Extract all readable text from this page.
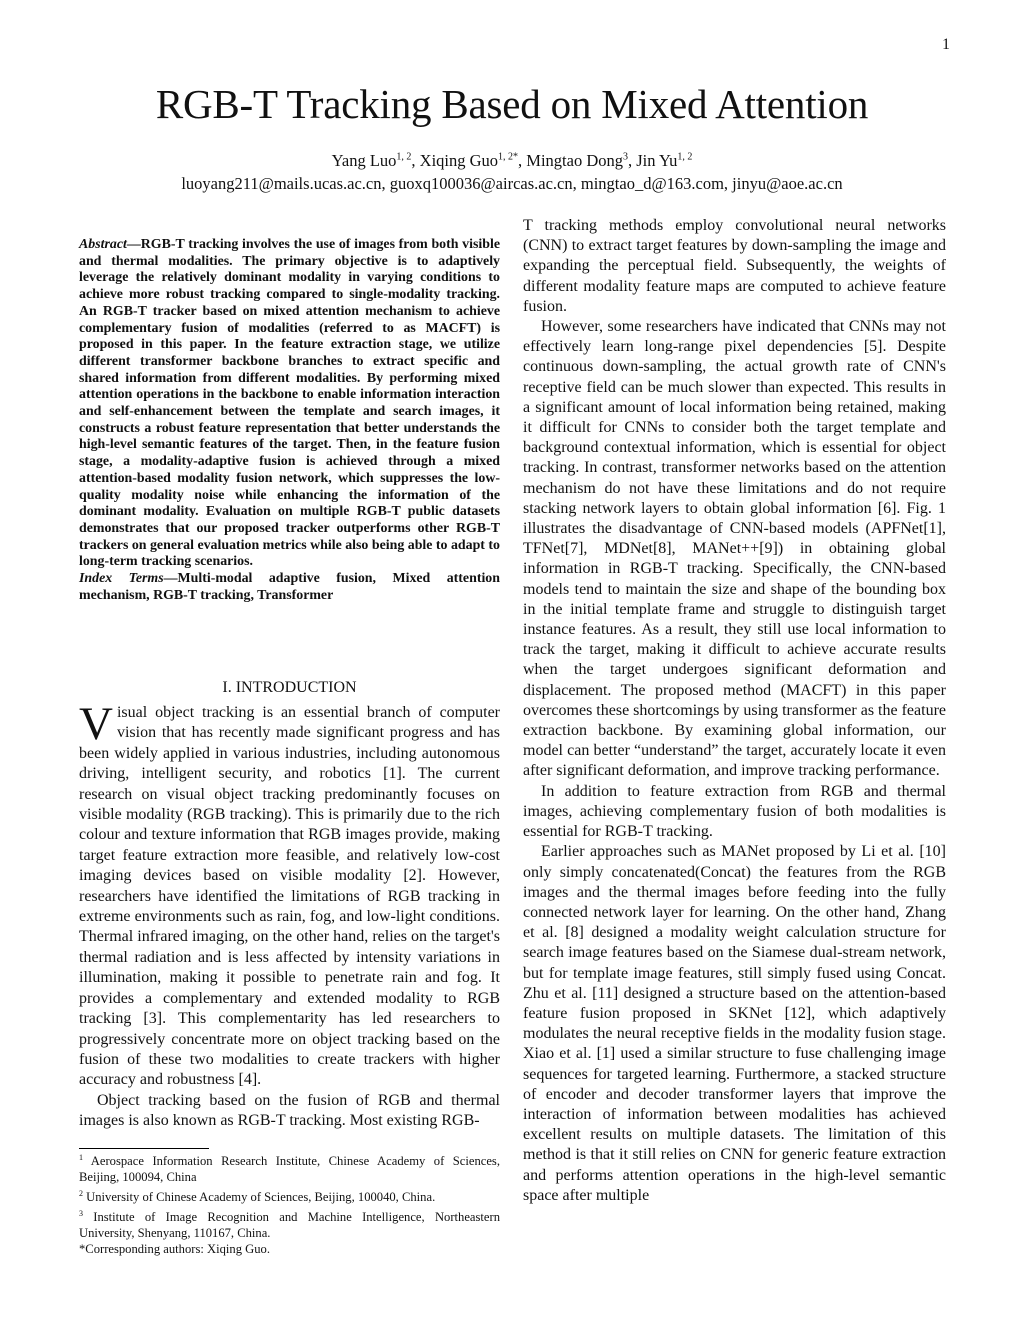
1
RGB-T Tracking Based on Mixed Attention
Yang Luo$^{1, 2}$, Xiqing Guo$^{1, 2*}$, Mingtao Dong$^3$, Jin Yu$^{1, 2}$
luoyang211@mails.ucas.ac.cn, guoxq100036@aircas.ac.cn, mingtao_d@163.com, jinyu@aoe.ac.cn

Abstract—RGB-T tracking involves the use of images from both visible and thermal modalities. The primary objective is to adaptively leverage the relatively dominant modality in varying conditions to achieve more robust tracking compared to single-modality tracking. An RGB-T tracker based on mixed attention mechanism to achieve complementary fusion of modalities (referred to as MACFT) is proposed in this paper. In the feature extraction stage, we utilize different transformer backbone branches to extract specific and shared information from different modalities. By performing mixed attention operations in the backbone to enable information interaction and self-enhancement between the template and search images, it constructs a robust feature representation that better understands the high-level semantic features of the target. Then, in the feature fusion stage, a modality-adaptive fusion is achieved through a mixed attention-based modality fusion network, which suppresses the low-quality modality noise while enhancing the information of the dominant modality. Evaluation on multiple RGB-T public datasets demonstrates that our proposed tracker outperforms other RGB-T trackers on general evaluation metrics while also being able to adapt to long-term tracking scenarios.

Index Terms—Multi-modal adaptive fusion, Mixed attention mechanism, RGB-T tracking, Transformer

I. INTRODUCTION

Visual object tracking is an essential branch of computer vision that has recently made significant progress and has been widely applied in various industries, including autonomous driving, intelligent security, and robotics [1]. The current research on visual object tracking predominantly focuses on visible modality (RGB tracking). This is primarily due to the rich colour and texture information that RGB images provide, making target feature extraction more feasible, and relatively low-cost imaging devices based on visible modality [2]. However, researchers have identified the limitations of RGB tracking in extreme environments such as rain, fog, and low-light conditions. Thermal infrared imaging, on the other hand, relies on the target's thermal radiation and is less affected by intensity variations in illumination, making it possible to penetrate rain and fog. It provides a complementary and extended modality to RGB tracking [3]. This complementarity has led researchers to progressively concentrate more on object tracking based on the fusion of these two modalities to create trackers with higher accuracy and robustness [4].

Object tracking based on the fusion of RGB and thermal images is also known as RGB-T tracking. Most existing RGB-

$^1$ Aerospace Information Research Institute, Chinese Academy of Sciences, Beijing, 100094, China

$^2$ University of Chinese Academy of Sciences, Beijing, 100040, China.

$^3$ Institute of Image Recognition and Machine Intelligence, Northeastern University, Shenyang, 110167, China.

*Corresponding authors: Xiqing Guo.

T tracking methods employ convolutional neural networks (CNN) to extract target features by down-sampling the image and expanding the perceptual field. Subsequently, the weights of different modality feature maps are computed to achieve feature fusion.

However, some researchers have indicated that CNNs may not effectively learn long-range pixel dependencies [5]. Despite continuous down-sampling, the actual growth rate of CNN's receptive field can be much slower than expected. This results in a significant amount of local information being retained, making it difficult for CNNs to consider both the target template and background contextual information, which is essential for object tracking. In contrast, transformer networks based on the attention mechanism do not have these limitations and do not require stacking network layers to obtain global information [6]. Fig. 1 illustrates the disadvantage of CNN-based models (APFNet[1], TFNet[7], MDNet[8], MANet++[9]) in obtaining global information in RGB-T tracking. Specifically, the CNN-based models tend to maintain the size and shape of the bounding box in the initial template frame and struggle to distinguish target instance features. As a result, they still use local information to track the target, making it difficult to achieve accurate results when the target undergoes significant deformation and displacement. The proposed method (MACFT) in this paper overcomes these shortcomings by using transformer as the feature extraction backbone. By examining global information, our model can better “understand” the target, accurately locate it even after significant deformation, and improve tracking performance.

In addition to feature extraction from RGB and thermal images, achieving complementary fusion of both modalities is essential for RGB-T tracking.

Earlier approaches such as MANet proposed by Li et al. [10] only simply concatenated(Concat) the features from the RGB images and the thermal images before feeding into the fully connected network layer for learning. On the other hand, Zhang et al. [8] designed a modality weight calculation structure for search image features based on the Siamese dual-stream network, but for template image features, still simply fused using Concat. Zhu et al. [11] designed a structure based on the attention-based feature fusion proposed in SKNet [12], which adaptively modulates the neural receptive fields in the modality fusion stage. Xiao et al. [1] used a similar structure to fuse challenging image sequences for targeted learning. Furthermore, a stacked structure of encoder and decoder transformer layers that improve the interaction of information between modalities has achieved excellent results on multiple datasets. The limitation of this method is that it still relies on CNN for generic feature extraction and performs attention operations in the high-level semantic space after multiple
